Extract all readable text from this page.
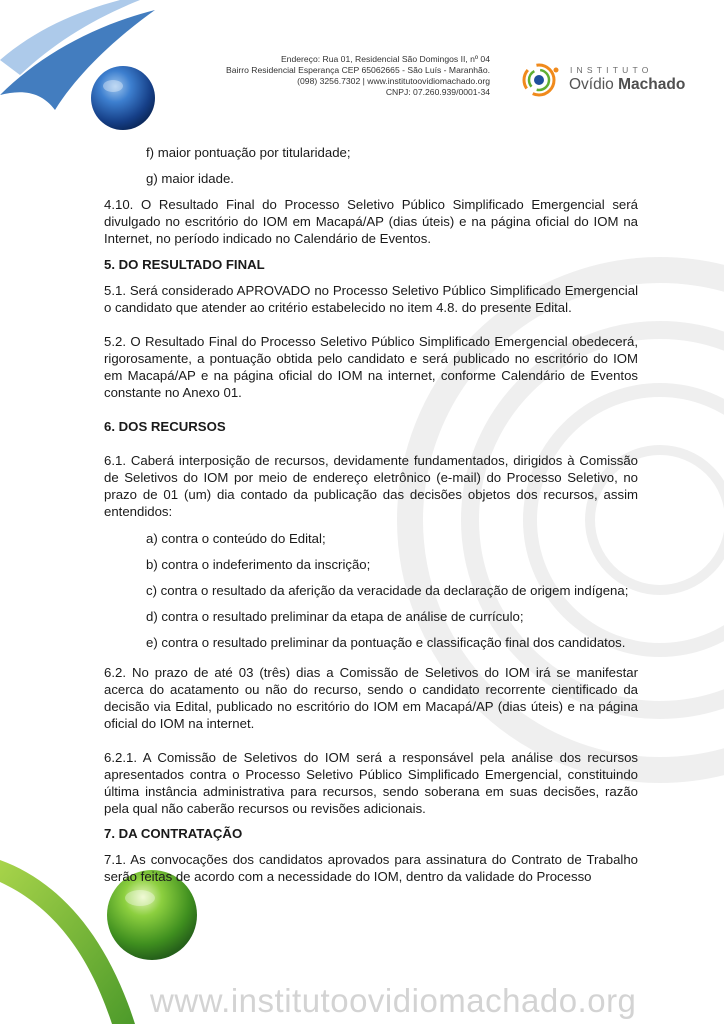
Endereço: Rua 01, Residencial São Domingos II, nº 04
Bairro Residencial Esperança CEP 65062665 - São Luís - Maranhão.
(098) 3256.7302 | www.institutoovidiomachado.org
CNPJ: 07.260.939/0001-34
INSTITUTO
Ovídio Machado

f) maior pontuação por titularidade;

g) maior idade.

4.10. O Resultado Final do Processo Seletivo Público Simplificado Emergencial será divulgado no escritório do IOM em Macapá/AP (dias úteis) e na página oficial do IOM na Internet, no período indicado no Calendário de Eventos.

5. DO RESULTADO FINAL

5.1. Será considerado APROVADO no Processo Seletivo Público Simplificado Emergencial o candidato que atender ao critério estabelecido no item 4.8. do presente Edital.

5.2. O Resultado Final do Processo Seletivo Público Simplificado Emergencial obedecerá, rigorosamente, a pontuação obtida pelo candidato e será publicado no escritório do IOM em Macapá/AP e na página oficial do IOM na internet, conforme Calendário de Eventos constante no Anexo 01.

6. DOS RECURSOS

6.1. Caberá interposição de recursos, devidamente fundamentados, dirigidos à Comissão de Seletivos do IOM por meio de endereço eletrônico (e-mail) do Processo Seletivo, no prazo de 01 (um) dia contado da publicação das decisões objetos dos recursos, assim entendidos:

a) contra o conteúdo do Edital;

b) contra o indeferimento da inscrição;

c) contra o resultado da aferição da veracidade da declaração de origem indígena;

d) contra o resultado preliminar da etapa de análise de currículo;

e) contra o resultado preliminar da pontuação e classificação final dos candidatos.

6.2. No prazo de até 03 (três) dias a Comissão de Seletivos do IOM irá se manifestar acerca do acatamento ou não do recurso, sendo o candidato recorrente cientificado da decisão via Edital, publicado no escritório do IOM em Macapá/AP (dias úteis) e na página oficial do IOM na internet.

6.2.1. A Comissão de Seletivos do IOM será a responsável pela análise dos recursos apresentados contra o Processo Seletivo Público Simplificado Emergencial, constituindo última instância administrativa para recursos, sendo soberana em suas decisões, razão pela qual não caberão recursos ou revisões adicionais.

7. DA CONTRATAÇÃO

7.1. As convocações dos candidatos aprovados para assinatura do Contrato de Trabalho serão feitas de acordo com a necessidade do IOM, dentro da validade do Processo

www.institutoovidiomachado.org
